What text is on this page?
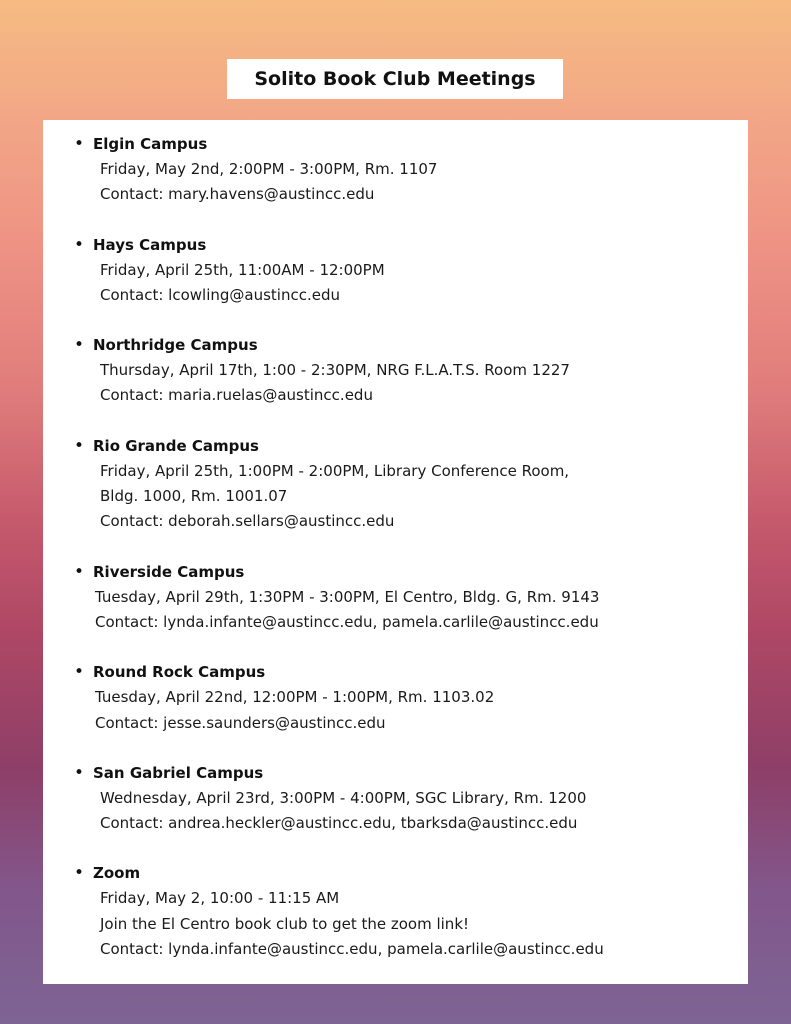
Solito Book Club Meetings
• Elgin Campus
Friday, May 2nd, 2:00PM - 3:00PM, Rm. 1107
Contact: mary.havens@austincc.edu
• Hays Campus
Friday, April 25th, 11:00AM - 12:00PM
Contact: lcowling@austincc.edu
• Northridge Campus
Thursday, April 17th, 1:00 - 2:30PM, NRG F.L.A.T.S. Room 1227
Contact: maria.ruelas@austincc.edu
• Rio Grande Campus
Friday, April 25th, 1:00PM - 2:00PM, Library Conference Room,
Bldg. 1000, Rm. 1001.07
Contact: deborah.sellars@austincc.edu
• Riverside Campus
Tuesday, April 29th, 1:30PM - 3:00PM, El Centro, Bldg. G, Rm. 9143
Contact: lynda.infante@austincc.edu, pamela.carlile@austincc.edu
• Round Rock Campus
Tuesday, April 22nd, 12:00PM - 1:00PM, Rm. 1103.02
Contact: jesse.saunders@austincc.edu
• San Gabriel Campus
Wednesday, April 23rd, 3:00PM - 4:00PM, SGC Library, Rm. 1200
Contact: andrea.heckler@austincc.edu, tbarksda@austincc.edu
• Zoom
Friday, May 2, 10:00 - 11:15 AM
Join the El Centro book club to get the zoom link!
Contact: lynda.infante@austincc.edu, pamela.carlile@austincc.edu
